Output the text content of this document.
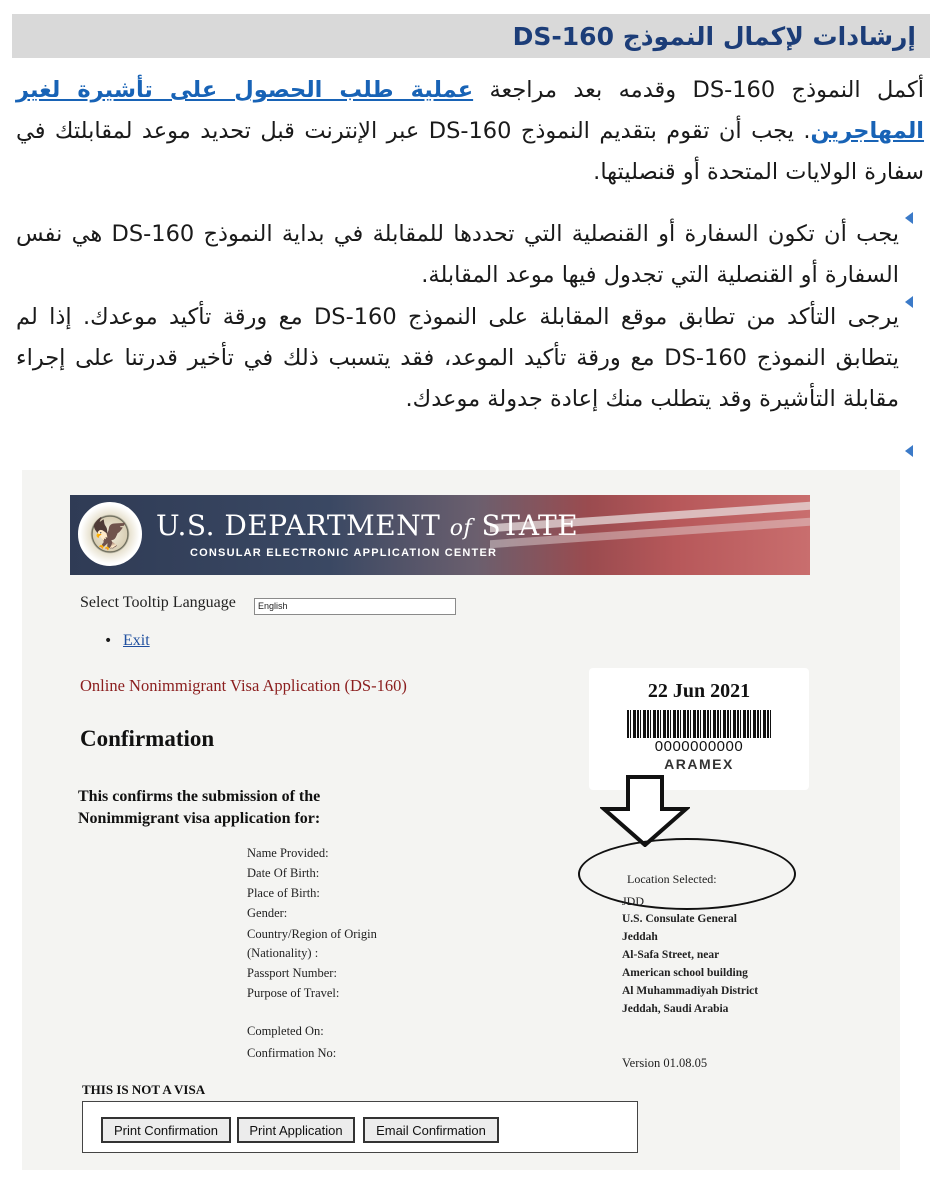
إرشادات لإكمال النموذج DS-160

أكمل النموذج DS-160 وقدمه بعد مراجعة عملية طلب الحصول على تأشيرة لغير المهاجرين. يجب أن تقوم بتقديم النموذج DS-160 عبر الإنترنت قبل تحديد موعد لمقابلتك في سفارة الولايات المتحدة أو قنصليتها.

يجب أن تكون السفارة أو القنصلية التي تحددها للمقابلة في بداية النموذج DS-160 هي نفس السفارة أو القنصلية التي تجدول فيها موعد المقابلة.

يرجى التأكد من تطابق موقع المقابلة على النموذج DS-160 مع ورقة تأكيد موعدك. إذا لم يتطابق النموذج DS-160 مع ورقة تأكيد الموعد، فقد يتسبب ذلك في تأخير قدرتنا على إجراء مقابلة التأشيرة وقد يتطلب منك إعادة جدولة موعدك.

🦅 U.S. DEPARTMENT of STATE
CONSULAR ELECTRONIC APPLICATION CENTER
Select Tooltip Language	English
• Exit
Online Nonimmigrant Visa Application (DS-160)
Confirmation
This confirms the submission of the Nonimmigrant visa application for:
Name Provided:
Date Of Birth:
Place of Birth:
Gender:
Country/Region of Origin
(Nationality) :
Passport Number:
Purpose of Travel:
Completed On:
Confirmation No:
22 Jun 2021
0000000000
ARAMEX
Location Selected:
JDD
U.S. Consulate General
Jeddah
Al-Safa Street, near
American school building
Al Muhammadiyah District
Jeddah, Saudi Arabia
Version 01.08.05
THIS IS NOT A VISA
Print Confirmation	Print Application	Email Confirmation
